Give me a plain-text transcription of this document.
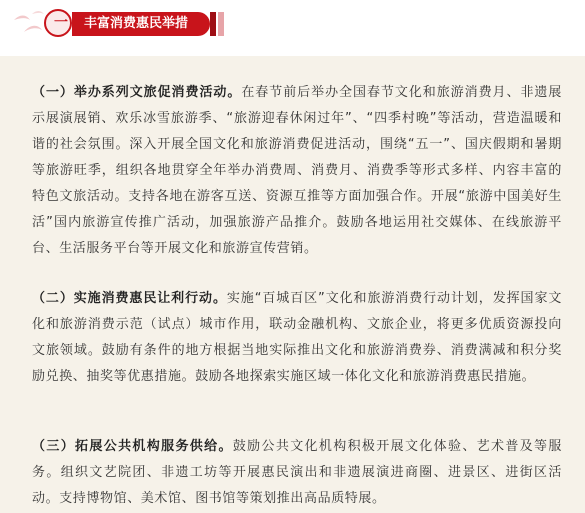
一	丰富消费惠民举措

（一）举办系列文旅促消费活动。在春节前后举办全国春节文化和旅游消费月、非遗展示展演展销、欢乐冰雪旅游季、“旅游迎春休闲过年”、“四季村晚”等活动，营造温暖和谐的社会氛围。深入开展全国文化和旅游消费促进活动，围绕“五一”、国庆假期和暑期等旅游旺季，组织各地贯穿全年举办消费周、消费月、消费季等形式多样、内容丰富的特色文旅活动。支持各地在游客互送、资源互推等方面加强合作。开展“旅游中国美好生活”国内旅游宣传推广活动，加强旅游产品推介。鼓励各地运用社交媒体、在线旅游平台、生活服务平台等开展文化和旅游宣传营销。

（二）实施消费惠民让利行动。实施“百城百区”文化和旅游消费行动计划，发挥国家文化和旅游消费示范（试点）城市作用，联动金融机构、文旅企业，将更多优质资源投向文旅领域。鼓励有条件的地方根据当地实际推出文化和旅游消费券、消费满减和积分奖励兑换、抽奖等优惠措施。鼓励各地探索实施区域一体化文化和旅游消费惠民措施。

（三）拓展公共机构服务供给。鼓励公共文化机构积极开展文化体验、艺术普及等服务。组织文艺院团、非遗工坊等开展惠民演出和非遗展演进商圈、进景区、进街区活动。支持博物馆、美术馆、图书馆等策划推出高品质特展。
